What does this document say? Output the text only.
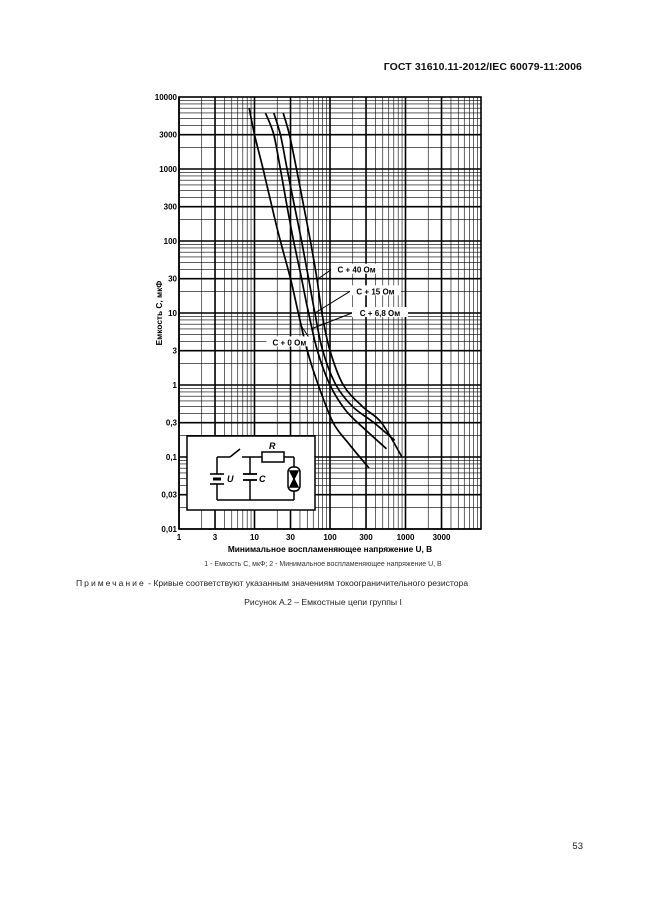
ГОСТ 31610.11-2012/IEC 60079-11:2006
C + 40 Ом
C + 15 Ом
C + 6,8 Ом
C + 0 Ом
R
U	C
10000
3000
1000
300
100
30
10
3
1
0,3
0,1
0,03
0,01
1	3	10	30	100	300	1000 3000
Минимальное воспламеняющее напряжение U, В
Емкость C, мкФ
1 - Емкость С, мкФ; 2 - Минимальное воспламеняющее напряжение U, В
Примечание - Кривые соответствуют указанным значениям токоограничительного резистора
Рисунок А.2 – Емкостные цепи группы I
53
